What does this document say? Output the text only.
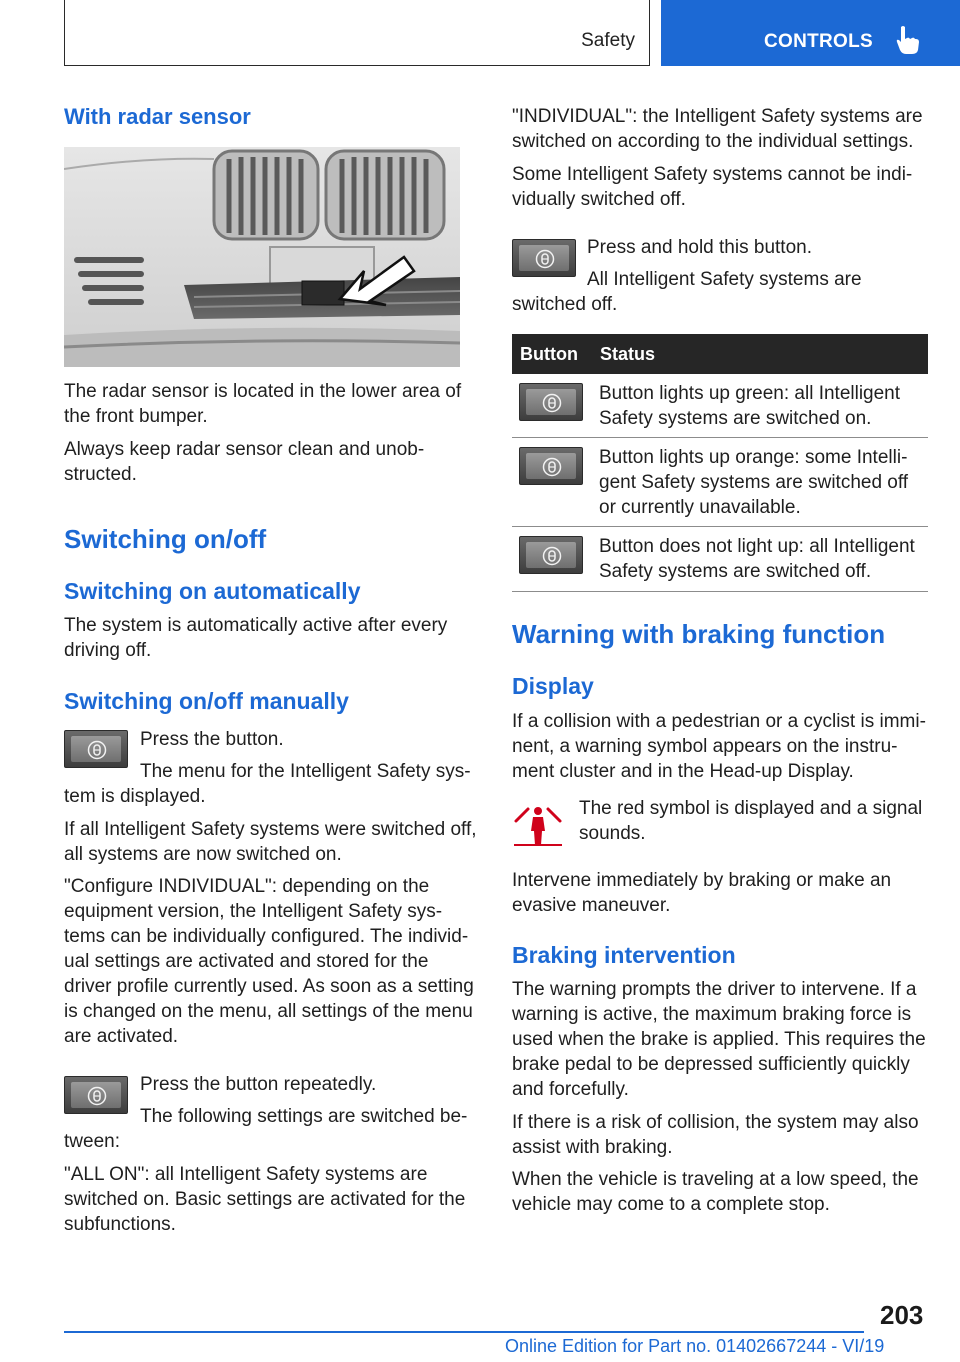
Safety	CONTROLS
With radar sensor

The radar sensor is located in the lower area of

the front bumper.

Always keep radar sensor clean and unob-

structed.

Switching on/off
Switching on automatically

The system is automatically active after every

driving off.

Switching on/off manually

Press the button.

The menu for the Intelligent Safety sys-

tem is displayed.

If all Intelligent Safety systems were switched off,

all systems are now switched on.

"Configure INDIVIDUAL": depending on the

equipment version, the Intelligent Safety sys-

tems can be individually configured. The individ-

ual settings are activated and stored for the

driver profile currently used. As soon as a setting

is changed on the menu, all settings of the menu

are activated.

Press the button repeatedly.

The following settings are switched be-

tween:

"ALL ON": all Intelligent Safety systems are

switched on. Basic settings are activated for the

subfunctions.

"INDIVIDUAL": the Intelligent Safety systems are

switched on according to the individual settings.

Some Intelligent Safety systems cannot be indi-

vidually switched off.

Press and hold this button.

All Intelligent Safety systems are

switched off.

Button Status

Button lights up green: all Intelligent

Safety systems are switched on.

Button lights up orange: some Intelli-

gent Safety systems are switched off

or currently unavailable.

Button does not light up: all Intelligent

Safety systems are switched off.

Warning with braking function
Display

If a collision with a pedestrian or a cyclist is immi-

nent, a warning symbol appears on the instru-

ment cluster and in the Head-up Display.

The red symbol is displayed and a signal

sounds.

Intervene immediately by braking or make an

evasive maneuver.

Braking intervention

The warning prompts the driver to intervene. If a

warning is active, the maximum braking force is

used when the brake is applied. This requires the

brake pedal to be depressed sufficiently quickly

and forcefully.

If there is a risk of collision, the system may also

assist with braking.

When the vehicle is traveling at a low speed, the

vehicle may come to a complete stop.

203
Online Edition for Part no. 01402667244 - VI/19
